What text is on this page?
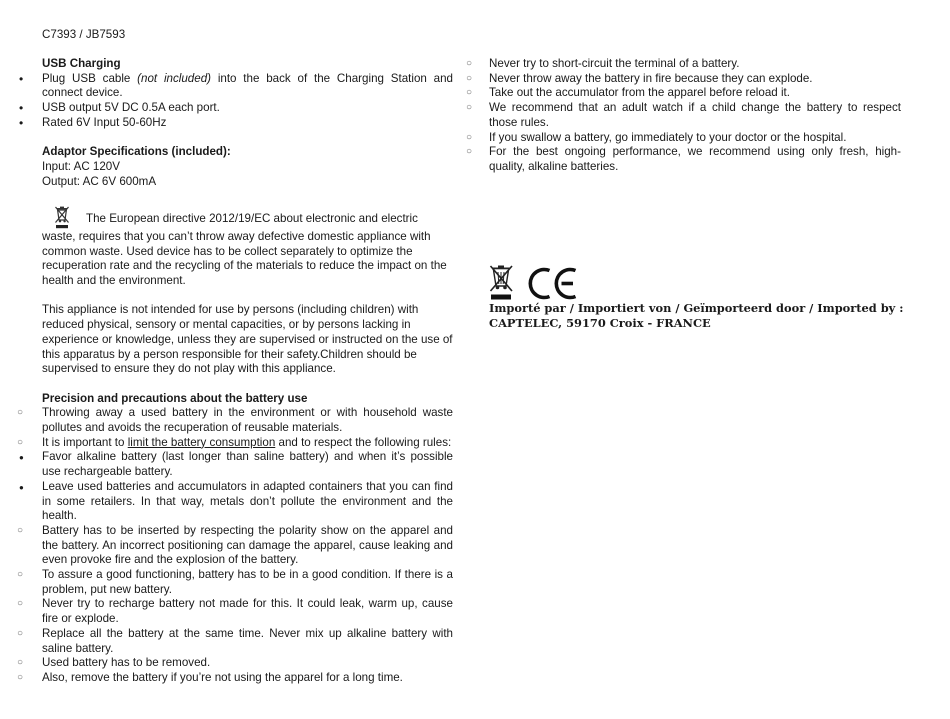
C7393 / JB7593

USB Charging

• Plug USB cable (not included) into the back of the Charging Station and connect device.
• USB output 5V DC 0.5A each port.
• Rated 6V Input 50-60Hz

Adaptor Specifications (included):

Input: AC 120V

Output: AC 6V 600mA

The European directive 2012/19/EC about electronic and electric waste, requires that you can’t throw away defective domestic appliance with common waste. Used device has to be collect separately to optimize the recuperation rate and the recycling of the materials to reduce the impact on the health and the environment.

This appliance is not intended for use by persons (including children) with reduced physical, sensory or mental capacities, or by persons lacking in experience or knowledge, unless they are supervised or instructed on the use of this apparatus by a person responsible for their safety.Children should be supervised to ensure they do not play with this appliance.

Precision and precautions about the battery use

○ Throwing away a used battery in the environment or with household waste pollutes and avoids the recuperation of reusable materials.
○ It is important to limit the battery consumption and to respect the following rules:
● Favor alkaline battery (last longer than saline battery) and when it’s possible use rechargeable battery.
● Leave used batteries and accumulators in adapted containers that you can find in some retailers. In that way, metals don’t pollute the environment and the health.
○ Battery has to be inserted by respecting the polarity show on the apparel and the battery. An incorrect positioning can damage the apparel, cause leaking and even provoke fire and the explosion of the battery.
○ To assure a good functioning, battery has to be in a good condition. If there is a problem, put new battery.
○ Never try to recharge battery not made for this. It could leak, warm up, cause fire or explode.
○ Replace all the battery at the same time. Never mix up alkaline battery with saline battery.
○ Used battery has to be removed.
○ Also, remove the battery if you’re not using the apparel for a long time.
○ Never try to short-circuit the terminal of a battery.
○ Never throw away the battery in fire because they can explode.
○ Take out the accumulator from the apparel before reload it.
○ We recommend that an adult watch if a child change the battery to respect those rules.
○ If you swallow a battery, go immediately to your doctor or the hospital.
○ For the best ongoing performance, we recommend using only fresh, high-quality, alkaline batteries.
Importé par / Importiert von / Geïmporteerd door / Imported by :
CAPTELEC, 59170 Croix - FRANCE
